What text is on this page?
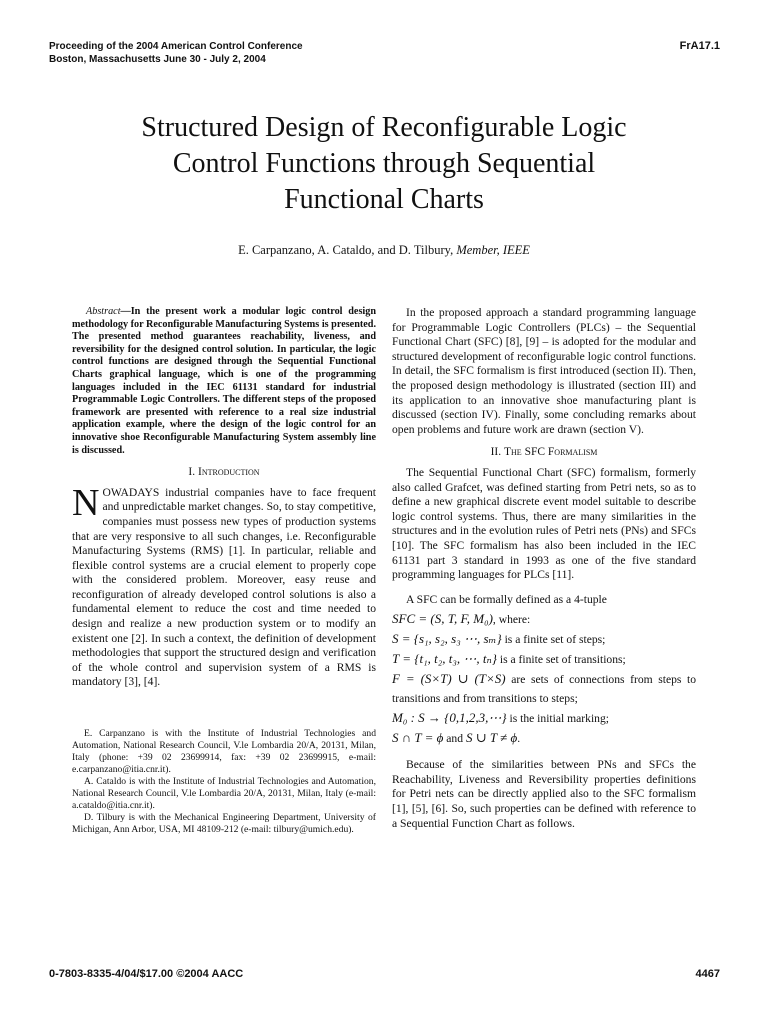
Proceeding of the 2004 American Control Conference
Boston, Massachusetts June 30 - July 2, 2004
FrA17.1
Structured Design of Reconfigurable Logic
Control Functions through Sequential
Functional Charts
E. Carpanzano, A. Cataldo, and D. Tilbury, Member, IEEE

Abstract—In the present work a modular logic control design methodology for Reconfigurable Manufacturing Systems is presented. The presented method guarantees reachability, liveness, and reversibility for the designed control solution. In particular, the logic control functions are designed through the Sequential Functional Charts graphical language, which is one of the programming languages included in the IEC 61131 standard for industrial Programmable Logic Controllers. The different steps of the proposed framework are presented with reference to a real size industrial application example, where the design of the logic control for an innovative shoe Reconfigurable Manufacturing System assembly line is discussed.

I. Introduction

NOWADAYS industrial companies have to face frequent and unpredictable market changes. So, to stay competitive, companies must possess new types of production systems that are very responsive to all such changes, i.e. Reconfigurable Manufacturing Systems (RMS) [1]. In particular, reliable and flexible control systems are a crucial element to properly cope with the considered problem. Moreover, easy reuse and reconfiguration of already developed control solutions is also a fundamental element to reduce the cost and time needed to design and realize a new production system or to modify an existent one [2]. In such a context, the definition of development methodologies that support the structured design and verification of the whole control and supervision system of a RMS is mandatory [3], [4].

E. Carpanzano is with the Institute of Industrial Technologies and Automation, National Research Council, V.le Lombardia 20/A, 20131, Milan, Italy (phone: +39 02 23699914, fax: +39 02 23699915, e-mail: e.carpanzano@itia.cnr.it).

A. Cataldo is with the Institute of Industrial Technologies and Automation, National Research Council, V.le Lombardia 20/A, 20131, Milan, Italy (e-mail: a.cataldo@itia.cnr.it).

D. Tilbury is with the Mechanical Engineering Department, University of Michigan, Ann Arbor, USA, MI 48109-212 (e-mail: tilbury@umich.edu).

In the proposed approach a standard programming language for Programmable Logic Controllers (PLCs) – the Sequential Functional Chart (SFC) [8], [9] – is adopted for the modular and structured development of reconfigurable logic control functions. In detail, the SFC formalism is first introduced (section II). Then, the proposed design methodology is illustrated (section III) and its application to an innovative shoe manufacturing plant is discussed (section IV). Finally, some concluding remarks about open problems and future work are drawn (section V).

II. The SFC Formalism

The Sequential Functional Chart (SFC) formalism, formerly also called Grafcet, was defined starting from Petri nets, so as to define a new graphical discrete event model suitable to describe logic control systems. Thus, there are many similarities in the structures and in the evolution rules of Petri nets (PNs) and SFCs [10]. The SFC formalism has also been included in the IEC 61131 part 3 standard in 1993 as one of the five standard programming languages for PLCs [11].

A SFC can be formally defined as a 4-tuple

SFC = (S, T, F, M₀), where:
S = {s₁, s₂, s₃ ⋯, sₘ} is a finite set of steps;
T = {t₁, t₂, t₃, ⋯, tₙ} is a finite set of transitions;
F = (S×T) ∪ (T×S) are sets of connections from steps to transitions and from transitions to steps;
M₀ : S → {0,1,2,3,⋯} is the initial marking;
S ∩ T = ϕ and S ∪ T ≠ ϕ.

Because of the similarities between PNs and SFCs the Reachability, Liveness and Reversibility properties definitions for Petri nets can be directly applied also to the SFC formalism [1], [5], [6]. So, such properties can be defined with reference to a Sequential Function Chart as follows.

0-7803-8335-4/04/$17.00 ©2004 AACC	4467
